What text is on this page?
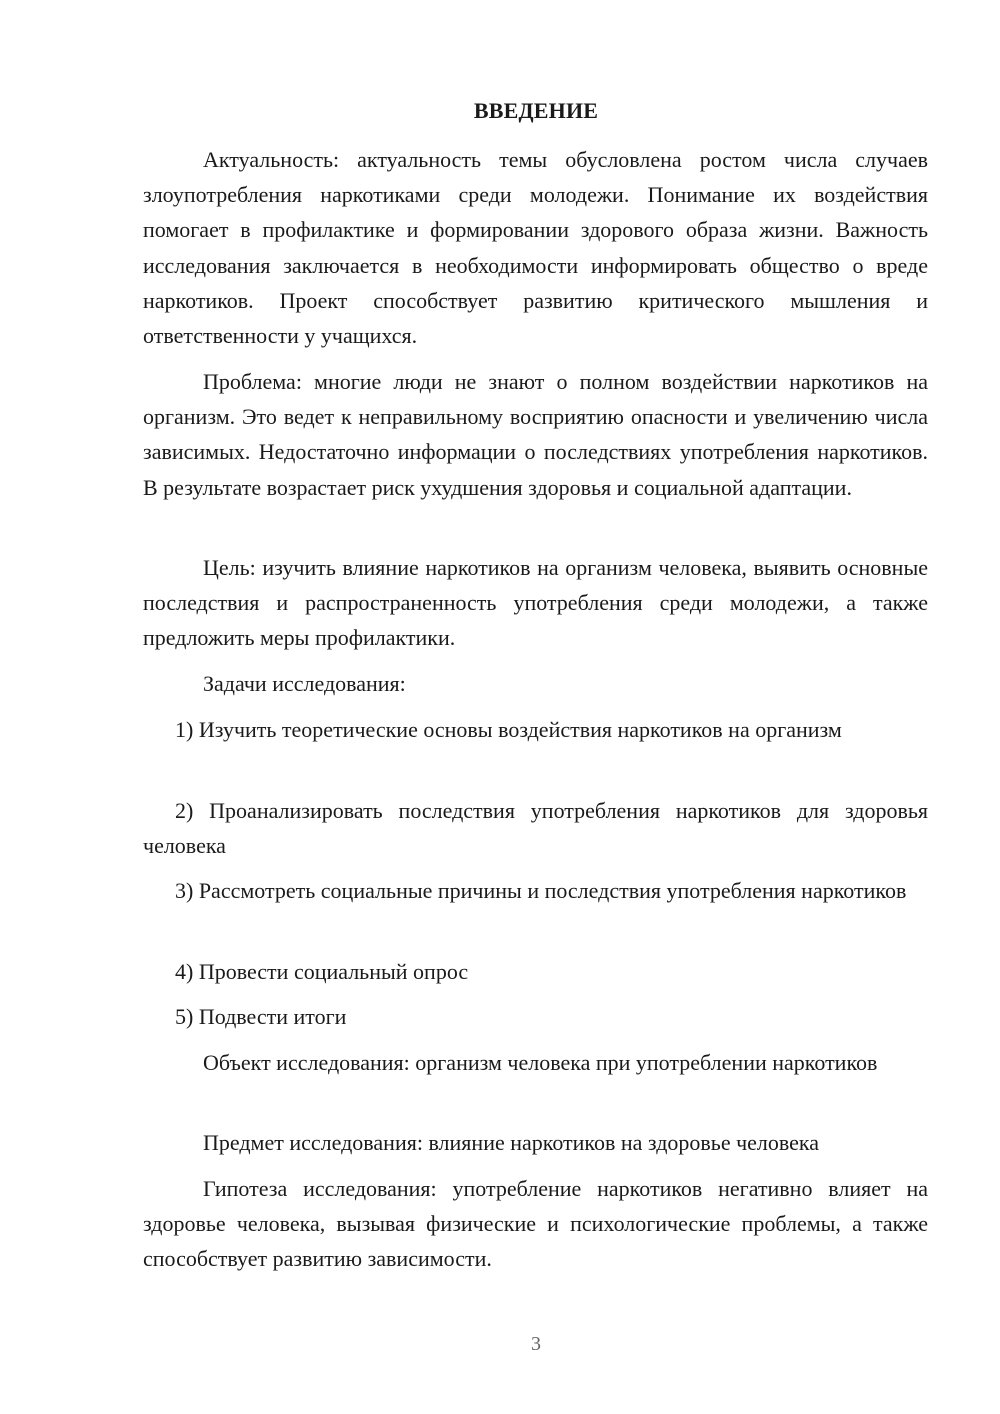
ВВЕДЕНИЕ

Актуальность: актуальность темы обусловлена ростом числа случаев злоупотребления наркотиками среди молодежи. Понимание их воздействия помогает в профилактике и формировании здорового образа жизни. Важность исследования заключается в необходимости информировать общество о вреде наркотиков. Проект способствует развитию критического мышления и ответственности у учащихся.

Проблема: многие люди не знают о полном воздействии наркотиков на организм. Это ведет к неправильному восприятию опасности и увеличению числа зависимых. Недостаточно информации о последствиях употребления наркотиков. В результате возрастает риск ухудшения здоровья и социальной адаптации.

Цель: изучить влияние наркотиков на организм человека, выявить основные последствия и распространенность употребления среди молодежи, а также предложить меры профилактики.

Задачи исследования:

1) Изучить теоретические основы воздействия наркотиков на организм

2) Проанализировать последствия употребления наркотиков для здоровья человека

3) Рассмотреть социальные причины и последствия употребления наркотиков

4) Провести социальный опрос

5) Подвести итоги

Объект исследования: организм человека при употреблении наркотиков

Предмет исследования: влияние наркотиков на здоровье человека

Гипотеза исследования: употребление наркотиков негативно влияет на здоровье человека, вызывая физические и психологические проблемы, а также способствует развитию зависимости.

3
